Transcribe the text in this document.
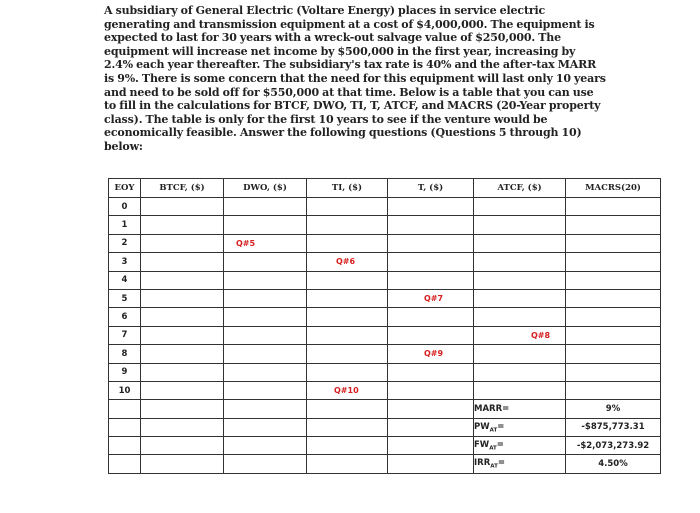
A subsidiary of General Electric (Voltare Energy) places in service electric generating and transmission equipment at a cost of $4,000,000. The equipment is expected to last for 30 years with a wreck-out salvage value of $250,000. The equipment will increase net income by $500,000 in the first year, increasing by 2.4% each year thereafter. The subsidiary's tax rate is 40% and the after-tax MARR is 9%. There is some concern that the need for this equipment will last only 10 years and need to be sold off for $550,000 at that time. Below is a table that you can use to fill in the calculations for BTCF, DWO, TI, T, ATCF, and MACRS (20-Year property class). The table is only for the first 10 years to see if the venture would be economically feasible. Answer the following questions (Questions 5 through 10) below:
EOY	BTCF, ($)	DWO, ($)	TI, ($)	T, ($)	ATCF, ($)	MACRS(20)
0						
1						
2		Q#5				
3			Q#6			
4						
5				Q#7		
6						
7					Q#8	
8				Q#9		
9						
10			Q#10			
					MARR=	9%
					$PW_{AT}=$	-$875,773.31
					$FW_{AT}=$	-$2,073,273.92
					$IRR_{AT}=$	4.50%
